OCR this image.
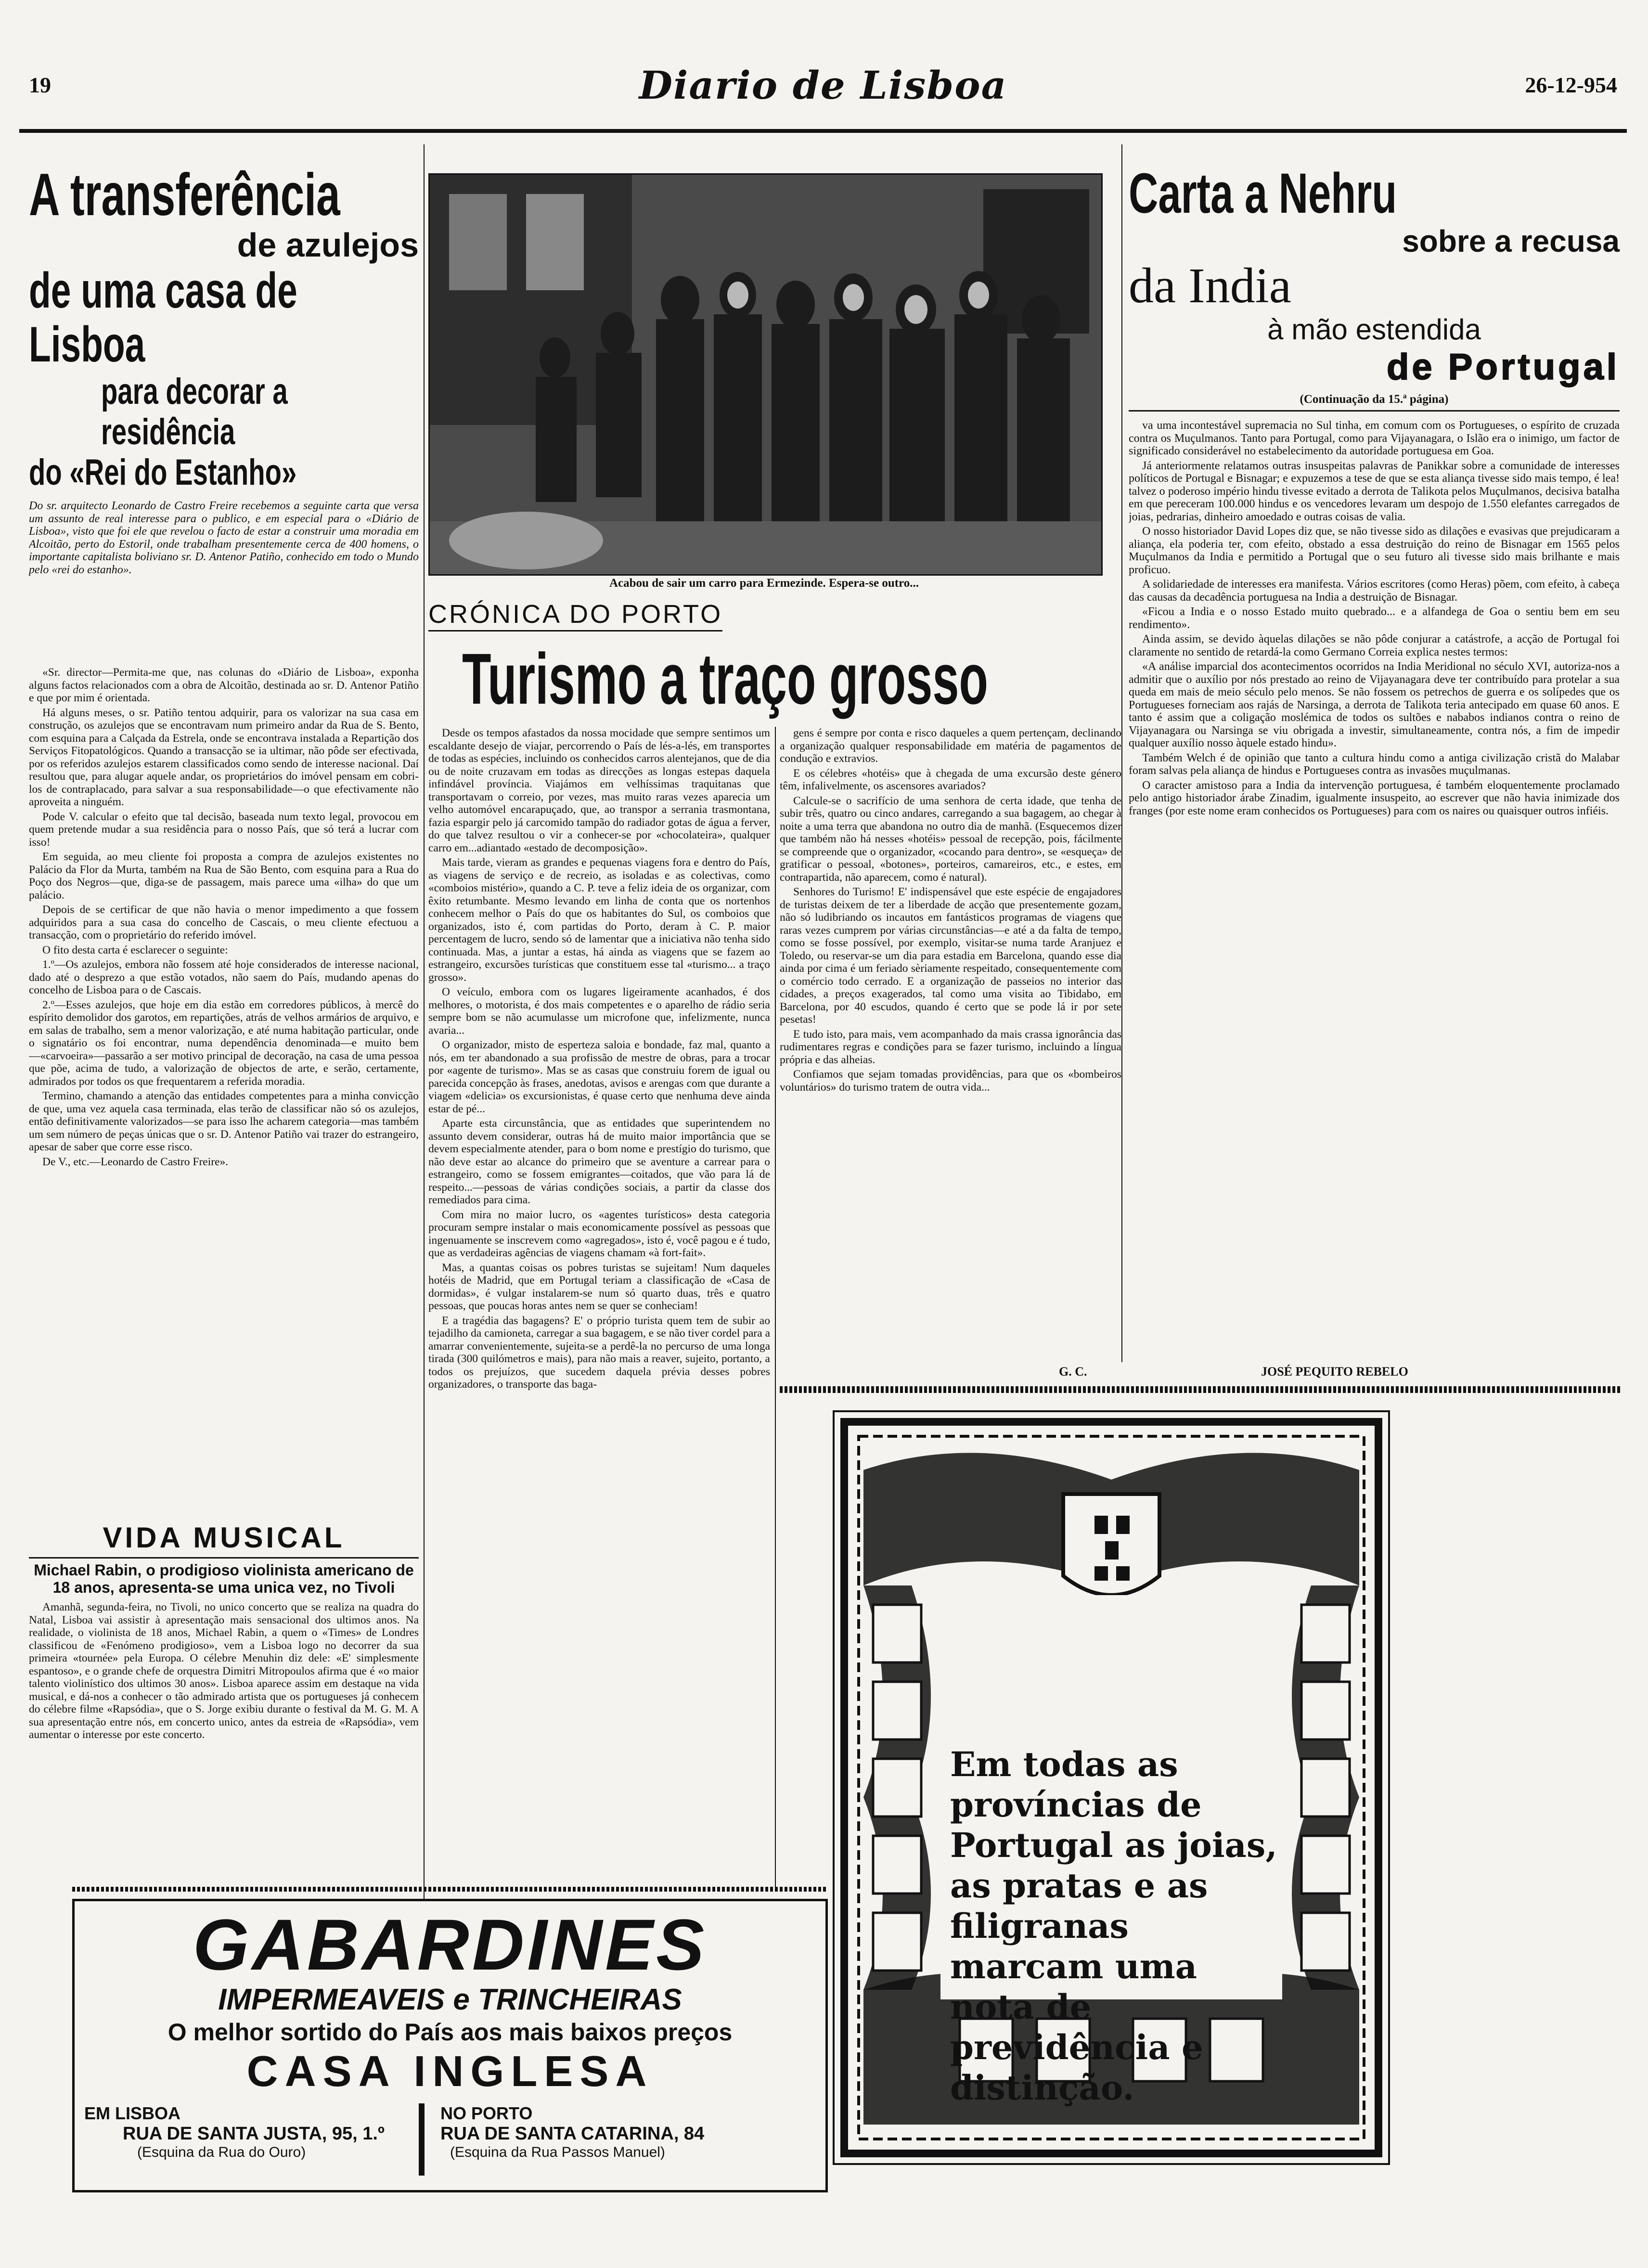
19	Diario de Lisboa	26-12-954
A transferência
de azulejos
de uma casa de Lisboa
para decorar a residência
do «Rei do Estanho»
Do sr. arquitecto Leonardo de Castro Freire recebemos a seguinte carta que versa um assunto de real interesse para o publico, e em especial para o «Diário de Lisboa», visto que foi ele que revelou o facto de estar a construir uma moradia em Alcoitão, perto do Estoril, onde trabalham presentemente cerca de 400 homens, o importante capitalista boliviano sr. D. Antenor Patiño, conhecido em todo o Mundo pelo «rei do estanho».

«Sr. director—Permita-me que, nas colunas do «Diário de Lisboa», exponha alguns factos relacionados com a obra de Alcoitão, destinada ao sr. D. Antenor Patiño e que por mim é orientada.

Há alguns meses, o sr. Patiño tentou adquirir, para os valorizar na sua casa em construção, os azulejos que se encontravam num primeiro andar da Rua de S. Bento, com esquina para a Calçada da Estrela, onde se encontrava instalada a Repartição dos Serviços Fitopatológicos. Quando a transacção se ia ultimar, não pôde ser efectivada, por os referidos azulejos estarem classificados como sendo de interesse nacional. Daí resultou que, para alugar aquele andar, os proprietários do imóvel pensam em cobri-los de contraplacado, para salvar a sua responsabilidade—o que efectivamente não aproveita a ninguém.

Pode V. calcular o efeito que tal decisão, baseada num texto legal, provocou em quem pretende mudar a sua residência para o nosso País, que só terá a lucrar com isso!

Em seguida, ao meu cliente foi proposta a compra de azulejos existentes no Palácio da Flor da Murta, também na Rua de São Bento, com esquina para a Rua do Poço dos Negros—que, diga-se de passagem, mais parece uma «ilha» do que um palácio.

Depois de se certificar de que não havia o menor impedimento a que fossem adquiridos para a sua casa do concelho de Cascais, o meu cliente efectuou a transacção, com o proprietário do referido imóvel.

O fito desta carta é esclarecer o seguinte:

1.º—Os azulejos, embora não fossem até hoje considerados de interesse nacional, dado até o desprezo a que estão votados, não saem do País, mudando apenas do concelho de Lisboa para o de Cascais.

2.º—Esses azulejos, que hoje em dia estão em corredores públicos, à mercê do espírito demolidor dos garotos, em repartições, atrás de velhos armários de arquivo, e em salas de trabalho, sem a menor valorização, e até numa habitação particular, onde o signatário os foi encontrar, numa dependência denominada—e muito bem—«carvoeira»—passarão a ser motivo principal de decoração, na casa de uma pessoa que põe, acima de tudo, a valorização de objectos de arte, e serão, certamente, admirados por todos os que frequentarem a referida moradia.

Termino, chamando a atenção das entidades competentes para a minha convicção de que, uma vez aquela casa terminada, elas terão de classificar não só os azulejos, então definitivamente valorizados—se para isso lhe acharem categoria—mas também um sem número de peças únicas que o sr. D. Antenor Patiño vai trazer do estrangeiro, apesar de saber que corre esse risco.

De V., etc.—Leonardo de Castro Freire».

VIDA MUSICAL
Michael Rabin, o prodigioso violinista americano de 18 anos, apresenta-se uma unica vez, no Tivoli
Amanhã, segunda-feira, no Tivoli, no unico concerto que se realiza na quadra do Natal, Lisboa vai assistir à apresentação mais sensacional dos ultimos anos. Na realidade, o violinista de 18 anos, Michael Rabin, a quem o «Times» de Londres classificou de «Fenómeno prodigioso», vem a Lisboa logo no decorrer da sua primeira «tournée» pela Europa. O célebre Menuhin diz dele: «E' simplesmente espantoso», e o grande chefe de orquestra Dimitri Mitropoulos afirma que é «o maior talento violinístico dos ultimos 30 anos». Lisboa aparece assim em destaque na vida musical, e dá-nos a conhecer o tão admirado artista que os portugueses já conhecem do célebre filme «Rapsódia», que o S. Jorge exibiu durante o festival da M. G. M. A sua apresentação entre nós, em concerto unico, antes da estreia de «Rapsódia», vem aumentar o interesse por este concerto.
Acabou de sair um carro para Ermezinde. Espera-se outro...
CRÓNICA DO PORTO
Turismo a traço grosso

Desde os tempos afastados da nossa mocidade que sempre sentimos um escaldante desejo de viajar, percorrendo o País de lés-a-lés, em transportes de todas as espécies, incluindo os conhecidos carros alentejanos, que de dia ou de noite cruzavam em todas as direcções as longas estepas daquela infindável província. Viajámos em velhíssimas traquitanas que transportavam o correio, por vezes, mas muito raras vezes aparecia um velho automóvel encarapuçado, que, ao transpor a serrania trasmontana, fazia espargir pelo já carcomido tampão do radiador gotas de água a ferver, do que talvez resultou o vir a conhecer-se por «chocolateira», qualquer carro em...adiantado «estado de decomposição».

Mais tarde, vieram as grandes e pequenas viagens fora e dentro do País, as viagens de serviço e de recreio, as isoladas e as colectivas, como «comboios mistério», quando a C. P. teve a feliz ideia de os organizar, com êxito retumbante. Mesmo levando em linha de conta que os nortenhos conhecem melhor o País do que os habitantes do Sul, os comboios que organizados, isto é, com partidas do Porto, deram à C. P. maior percentagem de lucro, sendo só de lamentar que a iniciativa não tenha sido continuada. Mas, a juntar a estas, há ainda as viagens que se fazem ao estrangeiro, excursões turísticas que constituem esse tal «turismo... a traço grosso».

O veículo, embora com os lugares ligeiramente acanhados, é dos melhores, o motorista, é dos mais competentes e o aparelho de rádio seria sempre bom se não acumulasse um microfone que, infelizmente, nunca avaria...

O organizador, misto de esperteza saloia e bondade, faz mal, quanto a nós, em ter abandonado a sua profissão de mestre de obras, para a trocar por «agente de turismo». Mas se as casas que construiu forem de igual ou parecida concepção às frases, anedotas, avisos e arengas com que durante a viagem «delicia» os excursionistas, é quase certo que nenhuma deve ainda estar de pé...

Aparte esta circunstância, que as entidades que superintendem no assunto devem considerar, outras há de muito maior importância que se devem especialmente atender, para o bom nome e prestígio do turismo, que não deve estar ao alcance do primeiro que se aventure a carrear para o estrangeiro, como se fossem emigrantes—coitados, que vão para lá de respeito...—pessoas de várias condições sociais, a partir da classe dos remediados para cima.

Com mira no maior lucro, os «agentes turísticos» desta categoria procuram sempre instalar o mais economicamente possível as pessoas que ingenuamente se inscrevem como «agregados», isto é, você pagou e é tudo, que as verdadeiras agências de viagens chamam «à fort-fait».

Mas, a quantas coisas os pobres turistas se sujeitam! Num daqueles hotéis de Madrid, que em Portugal teriam a classificação de «Casa de dormidas», é vulgar instalarem-se num só quarto duas, três e quatro pessoas, que poucas horas antes nem se quer se conheciam!

E a tragédia das bagagens? E' o próprio turista quem tem de subir ao tejadilho da camioneta, carregar a sua bagagem, e se não tiver cordel para a amarrar convenientemente, sujeita-se a perdê-la no percurso de uma longa tirada (300 quilómetros e mais), para não mais a reaver, sujeito, portanto, a todos os prejuízos, que sucedem daquela prévia desses pobres organizadores, o transporte das baga-

gens é sempre por conta e risco daqueles a quem pertençam, declinando a organização qualquer responsabilidade em matéria de pagamentos de condução e extravios.

E os célebres «hotéis» que à chegada de uma excursão deste género têm, infalivelmente, os ascensores avariados?

Calcule-se o sacrifício de uma senhora de certa idade, que tenha de subir três, quatro ou cinco andares, carregando a sua bagagem, ao chegar à noite a uma terra que abandona no outro dia de manhã. (Esquecemos dizer que também não há nesses «hotéis» pessoal de recepção, pois, fácilmente se compreende que o organizador, «cocando para dentro», se «esqueça» de gratificar o pessoal, «botones», porteiros, camareiros, etc., e estes, em contrapartida, não aparecem, como é natural).

Senhores do Turismo! E' indispensável que este espécie de engajadores de turistas deixem de ter a liberdade de acção que presentemente gozam, não só ludibriando os incautos em fantásticos programas de viagens que raras vezes cumprem por várias circunstâncias—e até a da falta de tempo, como se fosse possível, por exemplo, visitar-se numa tarde Aranjuez e Toledo, ou reservar-se um dia para estadia em Barcelona, quando esse dia ainda por cima é um feriado sèriamente respeitado, consequentemente com o comércio todo cerrado. E a organização de passeios no interior das cidades, a preços exagerados, tal como uma visita ao Tibidabo, em Barcelona, por 40 escudos, quando é certo que se pode lá ir por sete pesetas!

E tudo isto, para mais, vem acompanhado da mais crassa ignorância das rudimentares regras e condições para se fazer turismo, incluindo a língua própria e das alheias.

Confiamos que sejam tomadas providências, para que os «bombeiros voluntários» do turismo tratem de outra vida...

G. C.
Carta a Nehru
sobre a recusa
da India
à mão estendida
de Portugal
(Continuação da 15.ª página)

va uma incontestável supremacia no Sul tinha, em comum com os Portugueses, o espírito de cruzada contra os Muçulmanos. Tanto para Portugal, como para Vijayanagara, o Islão era o inimigo, um factor de significado considerável no estabelecimento da autoridade portuguesa em Goa.

Já anteriormente relatamos outras insuspeitas palavras de Panikkar sobre a comunidade de interesses políticos de Portugal e Bisnagar; e expuzemos a tese de que se esta aliança tivesse sido mais tempo, é lea! talvez o poderoso império hindu tivesse evitado a derrota de Talikota pelos Muçulmanos, decisiva batalha em que pereceram 100.000 hindus e os vencedores levaram um despojo de 1.550 elefantes carregados de joias, pedrarias, dinheiro amoedado e outras coisas de valia.

O nosso historiador David Lopes diz que, se não tivesse sido as dilações e evasivas que prejudicaram a aliança, ela poderia ter, com efeito, obstado a essa destruição do reino de Bisnagar em 1565 pelos Muçulmanos da India e permitido a Portugal que o seu futuro ali tivesse sido mais brilhante e mais proficuo.

A solidariedade de interesses era manifesta. Vários escritores (como Heras) põem, com efeito, à cabeça das causas da decadência portuguesa na India a destruição de Bisnagar.

«Ficou a India e o nosso Estado muito quebrado... e a alfandega de Goa o sentiu bem em seu rendimento».

Ainda assim, se devido àquelas dilações se não pôde conjurar a catástrofe, a acção de Portugal foi claramente no sentido de retardá-la como Germano Correia explica nestes termos:

«A análise imparcial dos acontecimentos ocorridos na India Meridional no século XVI, autoriza-nos a admitir que o auxílio por nós prestado ao reino de Vijayanagara deve ter contribuído para protelar a sua queda em mais de meio século pelo menos. Se não fossem os petrechos de guerra e os solípedes que os Portugueses forneciam aos rajás de Narsinga, a derrota de Talikota teria antecipado em quase 60 anos. E tanto é assim que a coligação moslémica de todos os sultões e nababos indianos contra o reino de Vijayanagara ou Narsinga se viu obrigada a investir, simultaneamente, contra nós, a fim de impedir qualquer auxílio nosso àquele estado hindu».

Também Welch é de opinião que tanto a cultura hindu como a antiga civilização cristã do Malabar foram salvas pela aliança de hindus e Portugueses contra as invasões muçulmanas.

O caracter amistoso para a India da intervenção portuguesa, é também eloquentemente proclamado pelo antigo historiador árabe Zinadim, igualmente insuspeito, ao escrever que não havia inimizade dos franges (por este nome eram conhecidos os Portugueses) para com os naires ou quaisquer outros infiéis.

JOSÉ PEQUITO REBELO
Em todas as províncias de Portugal as joias, as pratas e as filigranas marcam uma nota de previdência e distinção.
GABARDINES
IMPERMEAVEIS e TRINCHEIRAS
O melhor sortido do País aos mais baixos preços
CASA INGLESA
EM LISBOA
RUA DE SANTA JUSTA, 95, 1.º
(Esquina da Rua do Ouro)
NO PORTO
RUA DE SANTA CATARINA, 84
(Esquina da Rua Passos Manuel)
